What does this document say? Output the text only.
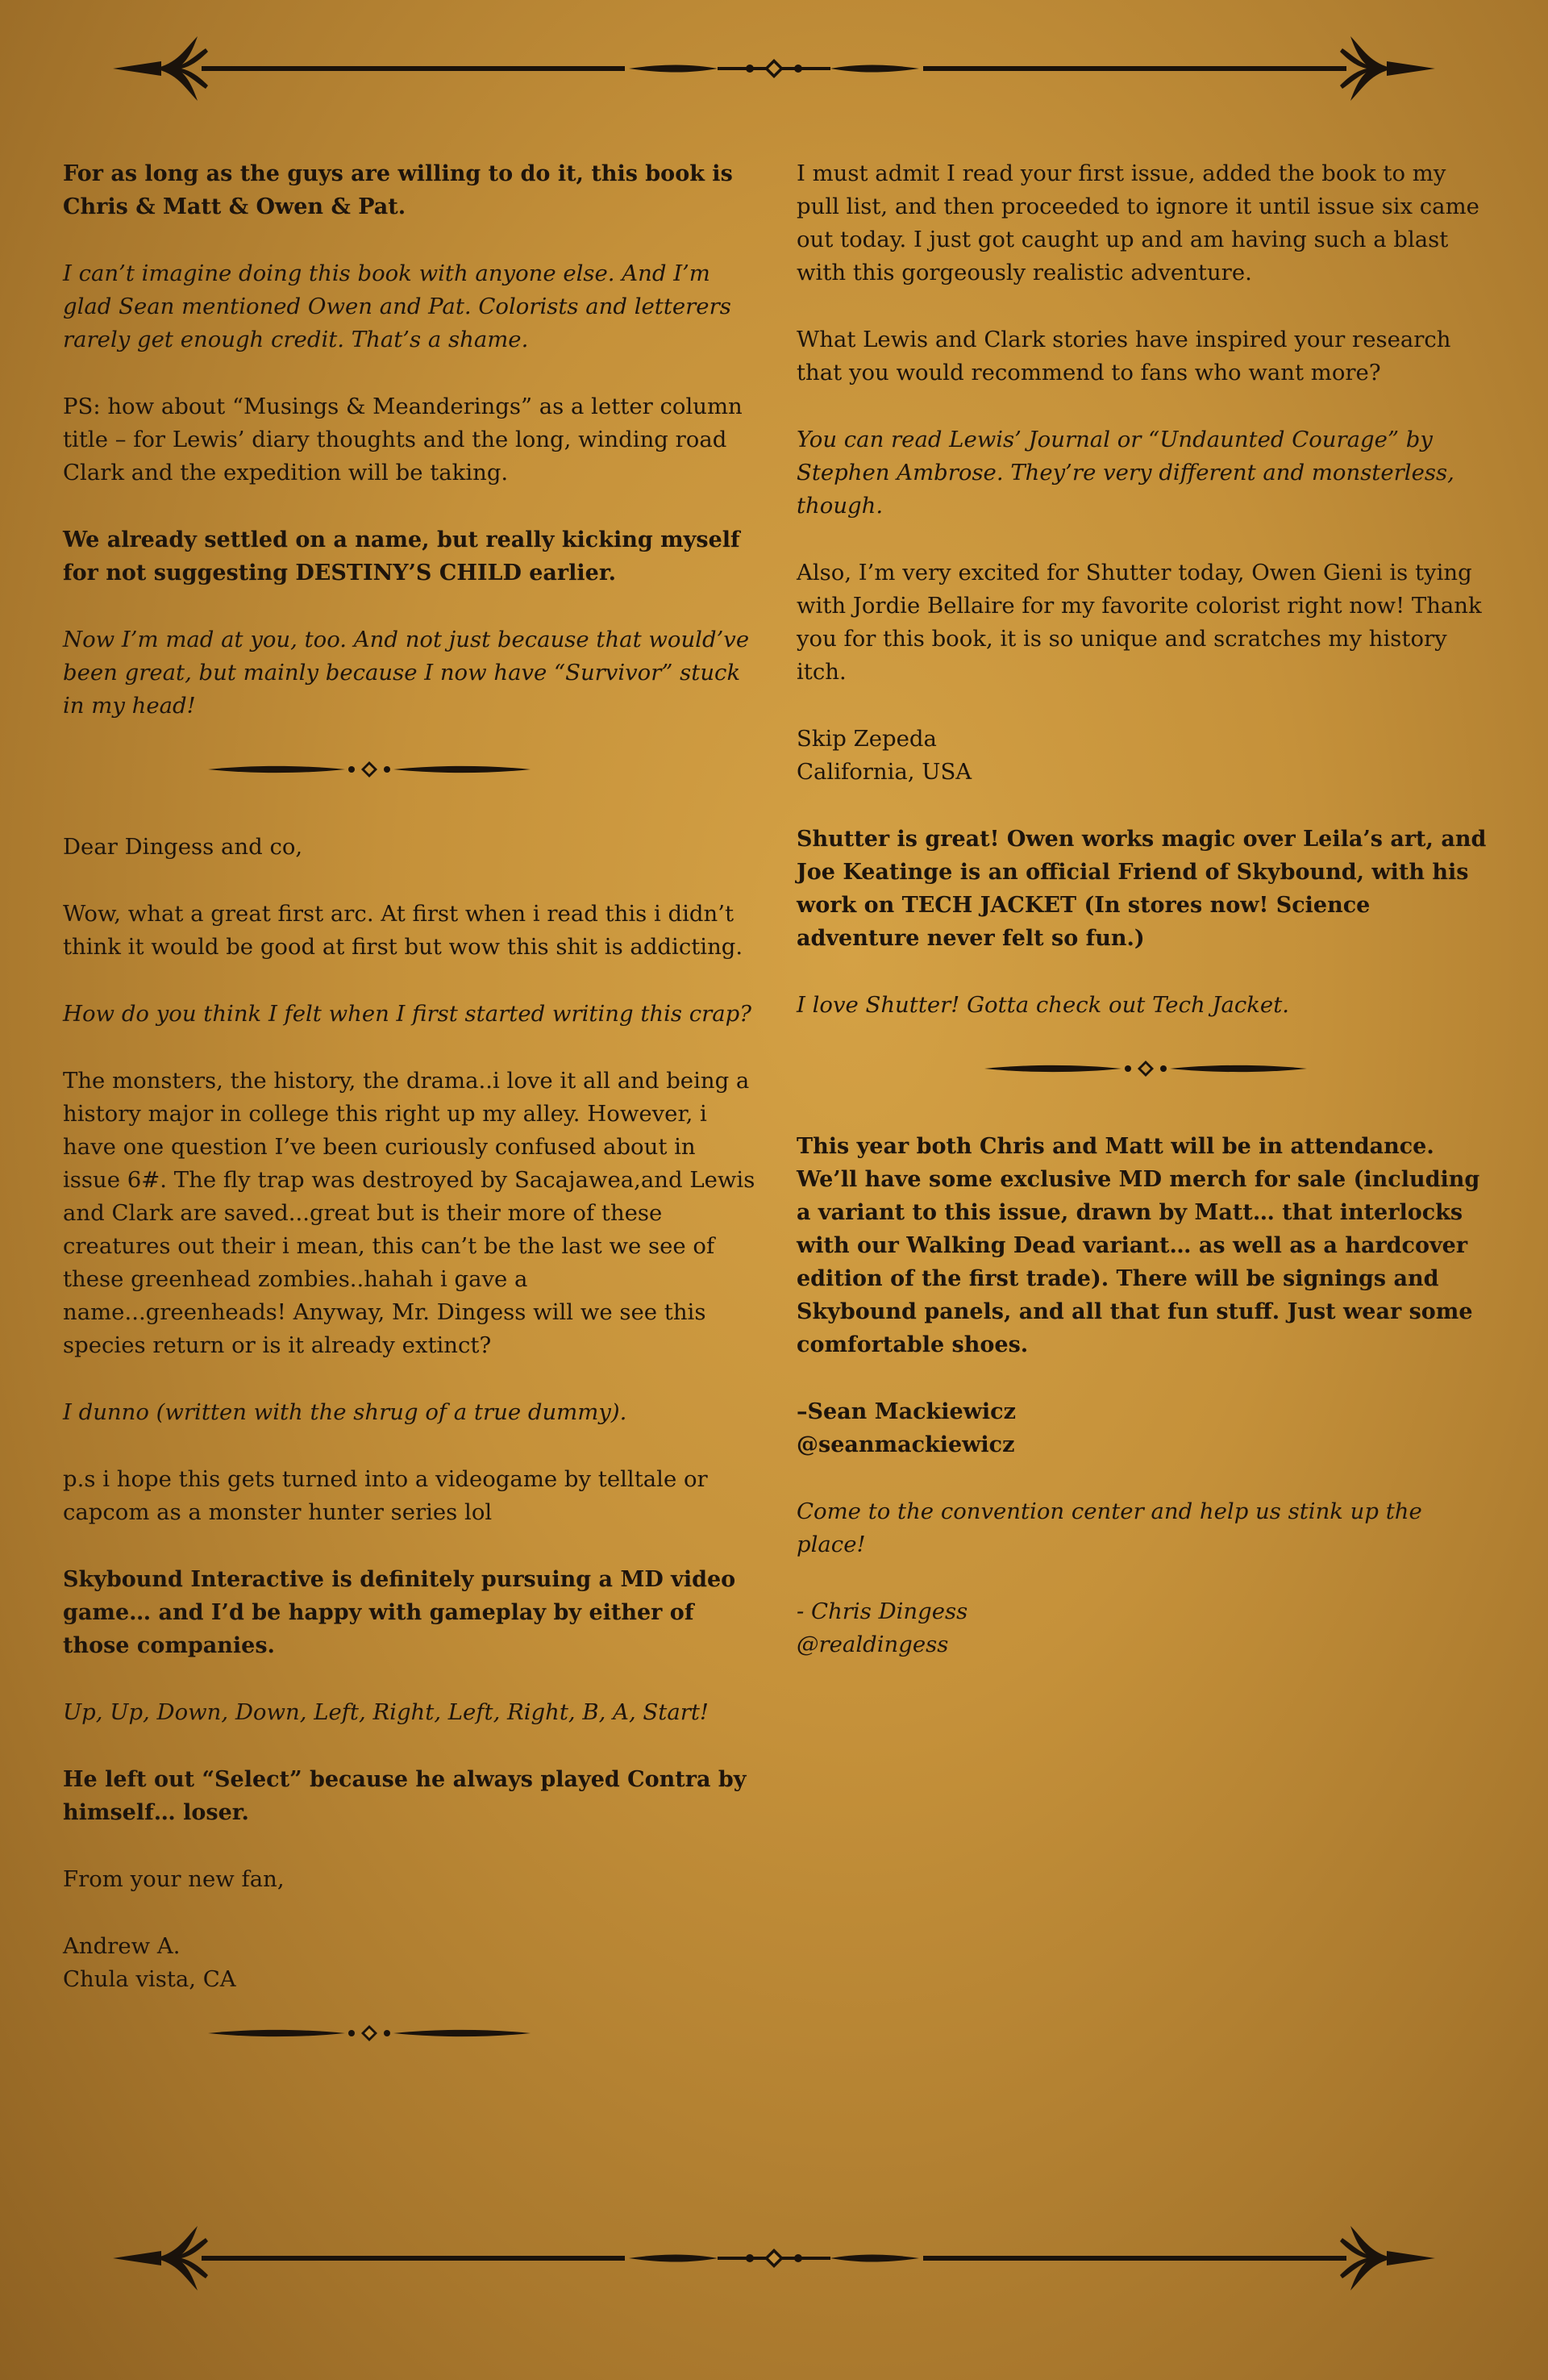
For as long as the guys are willing to do it, this book is Chris & Matt & Owen & Pat.

I can’t imagine doing this book with anyone else. And I’m glad Sean mentioned Owen and Pat. Colorists and letterers rarely get enough credit. That’s a shame.

PS: how about “Musings & Meanderings” as a letter column title – for Lewis’ diary thoughts and the long, winding road Clark and the expedition will be taking.

We already settled on a name, but really kicking myself for not suggesting DESTINY’S CHILD earlier.

Now I’m mad at you, too. And not just because that would’ve been great, but mainly because I now have “Survivor” stuck in my head!

Dear Dingess and co,

Wow, what a great first arc. At first when i read this i didn’t think it would be good at first but wow this shit is addicting.

How do you think I felt when I first started writing this crap?

The monsters, the history, the drama..i love it all and being a history major in college this right up my alley. However, i have one question I’ve been curiously confused about in issue 6#. The fly trap was destroyed by Sacajawea,and Lewis and Clark are saved...great but is their more of these creatures out their i mean, this can’t be the last we see of these greenhead zombies..hahah i gave a name...greenheads! Anyway, Mr. Dingess will we see this species return or is it already extinct?

I dunno (written with the shrug of a true dummy).

p.s i hope this gets turned into a videogame by telltale or capcom as a monster hunter series lol

Skybound Interactive is definitely pursuing a MD video game… and I’d be happy with gameplay by either of those companies.

Up, Up, Down, Down, Left, Right, Left, Right, B, A, Start!

He left out “Select” because he always played Contra by himself… loser.

From your new fan,

Andrew A.
Chula vista, CA

I must admit I read your first issue, added the book to my pull list, and then proceeded to ignore it until issue six came out today. I just got caught up and am having such a blast with this gorgeously realistic adventure.

What Lewis and Clark stories have inspired your research that you would recommend to fans who want more?

You can read Lewis’ Journal or “Undaunted Courage” by Stephen Ambrose. They’re very different and monsterless, though.

Also, I’m very excited for Shutter today, Owen Gieni is tying with Jordie Bellaire for my favorite colorist right now! Thank you for this book, it is so unique and scratches my history itch.

Skip Zepeda
California, USA

Shutter is great! Owen works magic over Leila’s art, and Joe Keatinge is an official Friend of Skybound, with his work on TECH JACKET (In stores now! Science adventure never felt so fun.)

I love Shutter! Gotta check out Tech Jacket.

This year both Chris and Matt will be in attendance. We’ll have some exclusive MD merch for sale (including a variant to this issue, drawn by Matt… that interlocks with our Walking Dead variant… as well as a hardcover edition of the first trade). There will be signings and Skybound panels, and all that fun stuff. Just wear some comfortable shoes.

–Sean Mackiewicz
@seanmackiewicz

Come to the convention center and help us stink up the place!

- Chris Dingess
@realdingess
